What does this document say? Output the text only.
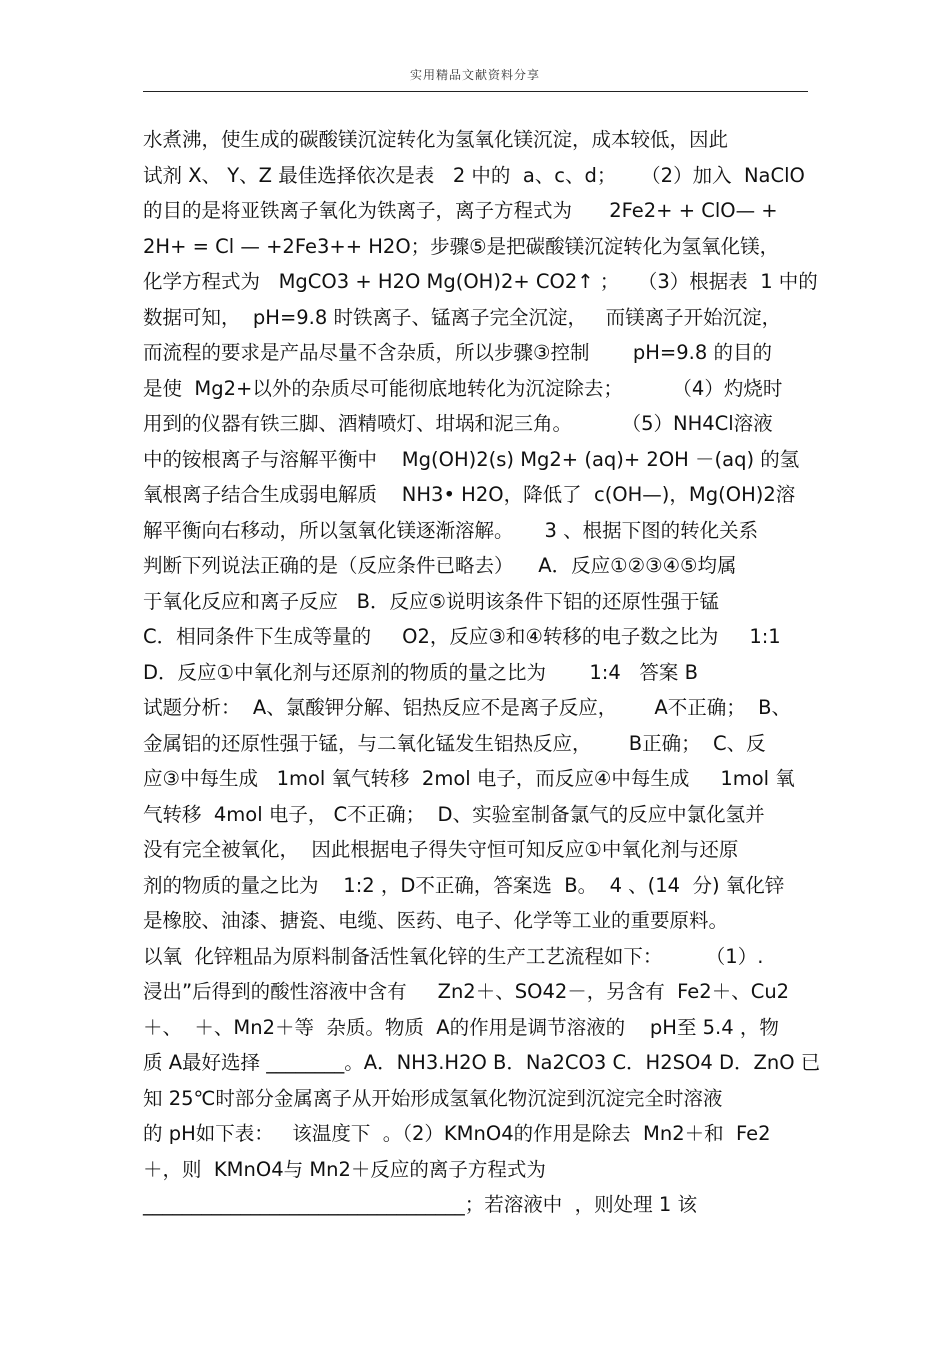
实用精品文献资料分享
水煮沸，使生成的碳酸镁沉淀转化为氢氧化镁沉淀，成本较低，因此
试剂 X、 Y、Z 最佳选择依次是表   2 中的  a、c、d；    （2）加入  NaClO
的目的是将亚铁离子氧化为铁离子，离子方程式为      2Fe2+ + ClO— +
2H+ = Cl — +2Fe3++ H2O；步骤⑤是把碳酸镁沉淀转化为氢氧化镁，
化学方程式为   MgCO3 + H2O Mg(OH)2+ CO2↑ ；   （3）根据表  1 中的
数据可知，  pH=9.8 时铁离子、锰离子完全沉淀，   而镁离子开始沉淀，
而流程的要求是产品尽量不含杂质，所以步骤③控制       pH=9.8 的目的
是使  Mg2+以外的杂质尽可能彻底地转化为沉淀除去；        （4）灼烧时
用到的仪器有铁三脚、酒精喷灯、坩埚和泥三角。        （5）NH4Cl溶液
中的铵根离子与溶解平衡中    Mg(OH)2(s) Mg2+ (aq)+ 2OH －(aq) 的氢
氧根离子结合生成弱电解质    NH3• H2O，降低了  c(OH—)，Mg(OH)2溶
解平衡向右移动，所以氢氧化镁逐渐溶解。     3 、根据下图的转化关系
判断下列说法正确的是（反应条件已略去）    A．反应①②③④⑤均属
于氧化反应和离子反应   B．反应⑤说明该条件下铝的还原性强于锰
C．相同条件下生成等量的     O2，反应③和④转移的电子数之比为     1:1
D．反应①中氧化剂与还原剂的物质的量之比为       1:4   答案 B
试题分析：  A、氯酸钾分解、铝热反应不是离子反应，      A不正确；  B、
金属铝的还原性强于锰，与二氧化锰发生铝热反应，      B正确；  C、反
应③中每生成   1mol 氧气转移  2mol 电子，而反应④中每生成     1mol 氧
气转移  4mol 电子， C不正确；  D、实验室制备氯气的反应中氯化氢并
没有完全被氧化，  因此根据电子得失守恒可知反应①中氧化剂与还原
剂的物质的量之比为    1:2 ，D不正确，答案选  B。  4 、(14  分) 氧化锌
是橡胶、油漆、搪瓷、电缆、医药、电子、化学等工业的重要原料。
以氧  化锌粗品为原料制备活性氧化锌的生产工艺流程如下：       （1）.
浸出”后得到的酸性溶液中含有     Zn2＋、SO42－，另含有  Fe2＋、Cu2
＋、  ＋、Mn2＋等  杂质。物质  A的作用是调节溶液的    pH至 5.4 ，物
质 A最好选择 ________。A．NH3.H2O B．Na2CO3 C．H2SO4 D．ZnO 已
知 25℃时部分金属离子从开始形成氢氧化物沉淀到沉淀完全时溶液
的 pH如下表：   该温度下  。（2）KMnO4的作用是除去  Mn2＋和  Fe2
＋，则  KMnO4与 Mn2＋反应的离子方程式为
_________________________________；若溶液中  ，则处理 1 该
